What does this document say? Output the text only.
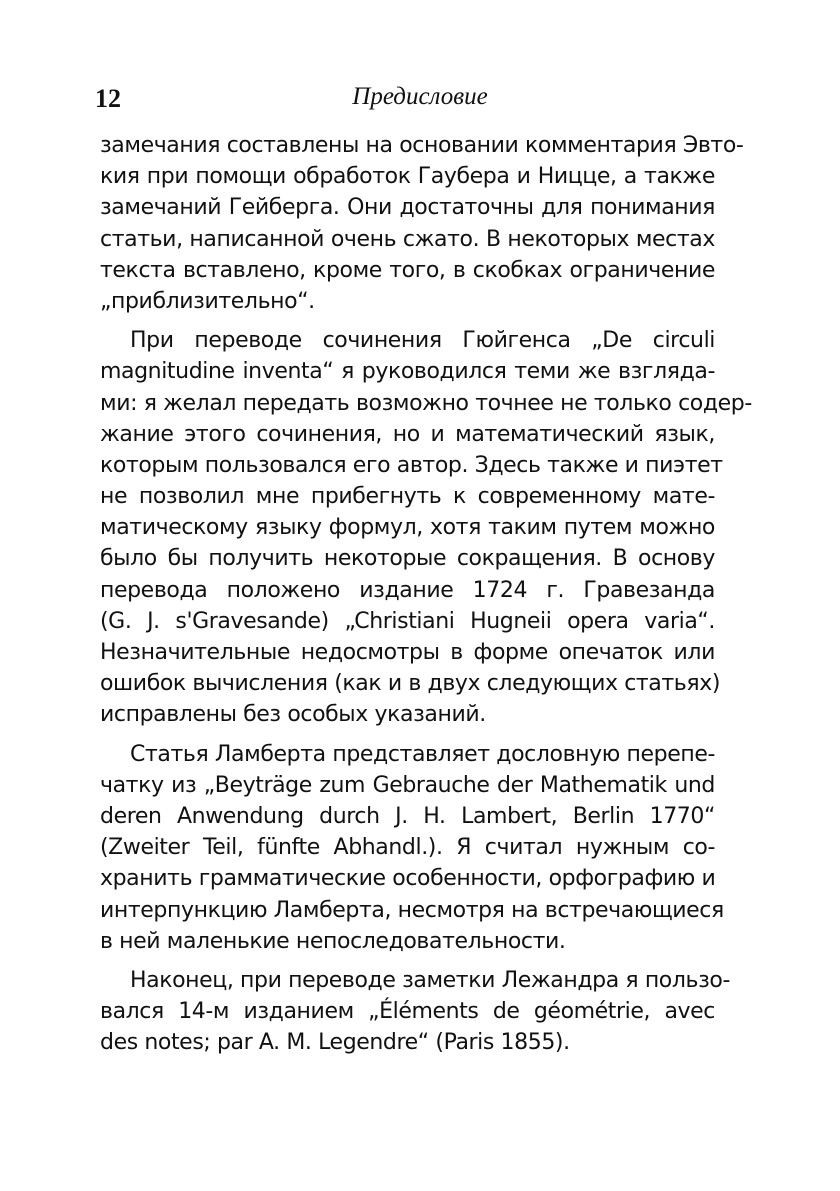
12	Предисловие
замечания составлены на основании комментария Эвто-
кия при помощи обработок Гаубера и Ницце, а также
замечаний Гейберга. Они достаточны для понимания
статьи, написанной очень сжато. В некоторых местах
текста вставлено, кроме того, в скобках ограничение
„приблизительно“.
При переводе сочинения Гюйгенса „De circuli
magnitudine inventa“ я руководился теми же взгляда-
ми: я желал передать возможно точнее не только содер-
жание этого сочинения, но и математический язык,
которым пользовался его автор. Здесь также и пиэтет
не позволил мне прибегнуть к современному мате-
матическому языку формул, хотя таким путем можно
было бы получить некоторые сокращения. В основу
перевода положено издание 1724 г. Гравезанда
(G. J. s'Gravesande) „Christiani Hugneii opera varia“.
Незначительные недосмотры в форме опечаток или
ошибок вычисления (как и в двух следующих статьях)
исправлены без особых указаний.
Статья Ламберта представляет дословную перепе-
чатку из „Beyträge zum Gebrauche der Mathematik und
deren Anwendung durch J. H. Lambert, Berlin 1770“
(Zweiter Teil, fünfte Abhandl.). Я считал нужным со-
хранить грамматические особенности, орфографию и
интерпункцию Ламберта, несмотря на встречающиеся
в ней маленькие непоследовательности.
Наконец, при переводе заметки Лежандра я пользо-
вался 14-м изданием „Éléments de géométrie, avec
des notes; par A. M. Legendre“ (Paris 1855).
